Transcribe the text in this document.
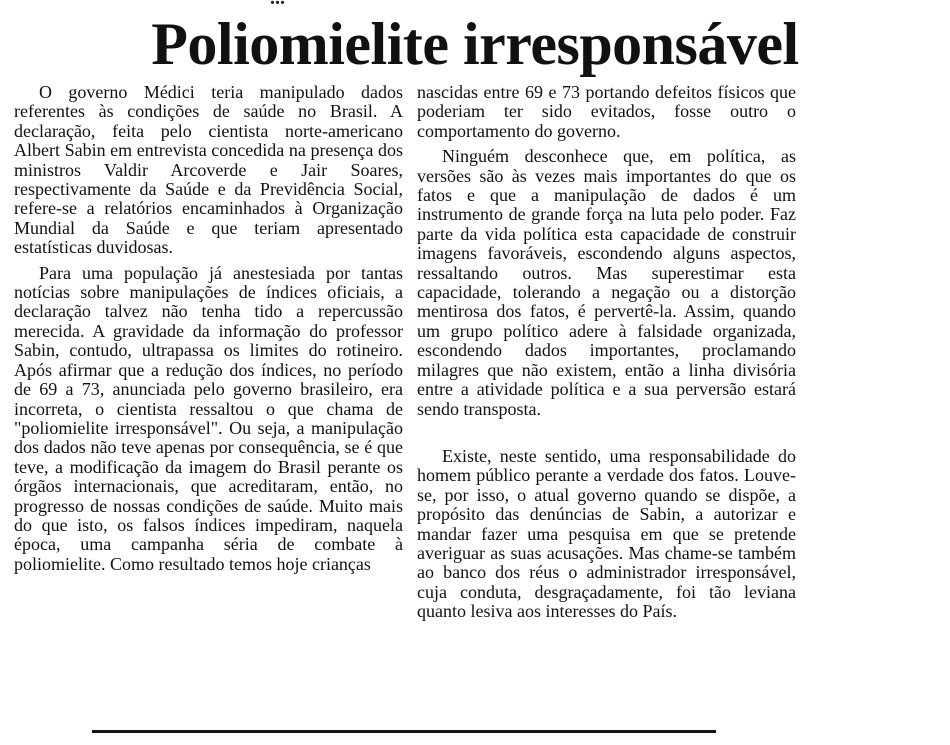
Poliomielite irresponsável

O governo Médici teria manipulado dados referentes às condições de saúde no Brasil. A declaração, feita pelo cientista norte-americano Albert Sabin em entrevista concedida na presença dos ministros Valdir Arcoverde e Jair Soares, respectivamente da Saúde e da Previdência Social, refere-se a relatórios encaminhados à Organização Mundial da Saúde e que teriam apresentado estatísticas duvidosas.

Para uma população já anestesiada por tantas notícias sobre manipulações de índices oficiais, a declaração talvez não tenha tido a repercussão merecida. A gravidade da informação do professor Sabin, contudo, ultrapassa os limites do rotineiro. Após afirmar que a redução dos índices, no período de 69 a 73, anunciada pelo governo brasileiro, era incorreta, o cientista ressaltou o que chama de "poliomielite irresponsável". Ou seja, a manipulação dos dados não teve apenas por consequência, se é que teve, a modificação da imagem do Brasil perante os órgãos internacionais, que acreditaram, então, no progresso de nossas condições de saúde. Muito mais do que isto, os falsos índices impediram, naquela época, uma campanha séria de combate à poliomielite. Como resultado temos hoje crianças

nascidas entre 69 e 73 portando defeitos físicos que poderiam ter sido evitados, fosse outro o comportamento do governo.

Ninguém desconhece que, em política, as versões são às vezes mais importantes do que os fatos e que a manipulação de dados é um instrumento de grande força na luta pelo poder. Faz parte da vida política esta capacidade de construir imagens favoráveis, escondendo alguns aspectos, ressaltando outros. Mas superestimar esta capacidade, tolerando a negação ou a distorção mentirosa dos fatos, é pervertê-la. Assim, quando um grupo político adere à falsidade organizada, escondendo dados importantes, proclamando milagres que não existem, então a linha divisória entre a atividade política e a sua perversão estará sendo transposta.

Existe, neste sentido, uma responsabilidade do homem público perante a verdade dos fatos. Louve-se, por isso, o atual governo quando se dispõe, a propósito das denúncias de Sabin, a autorizar e mandar fazer uma pesquisa em que se pretende averiguar as suas acusações. Mas chame-se também ao banco dos réus o administrador irresponsável, cuja conduta, desgraçadamente, foi tão leviana quanto lesiva aos interesses do País.
